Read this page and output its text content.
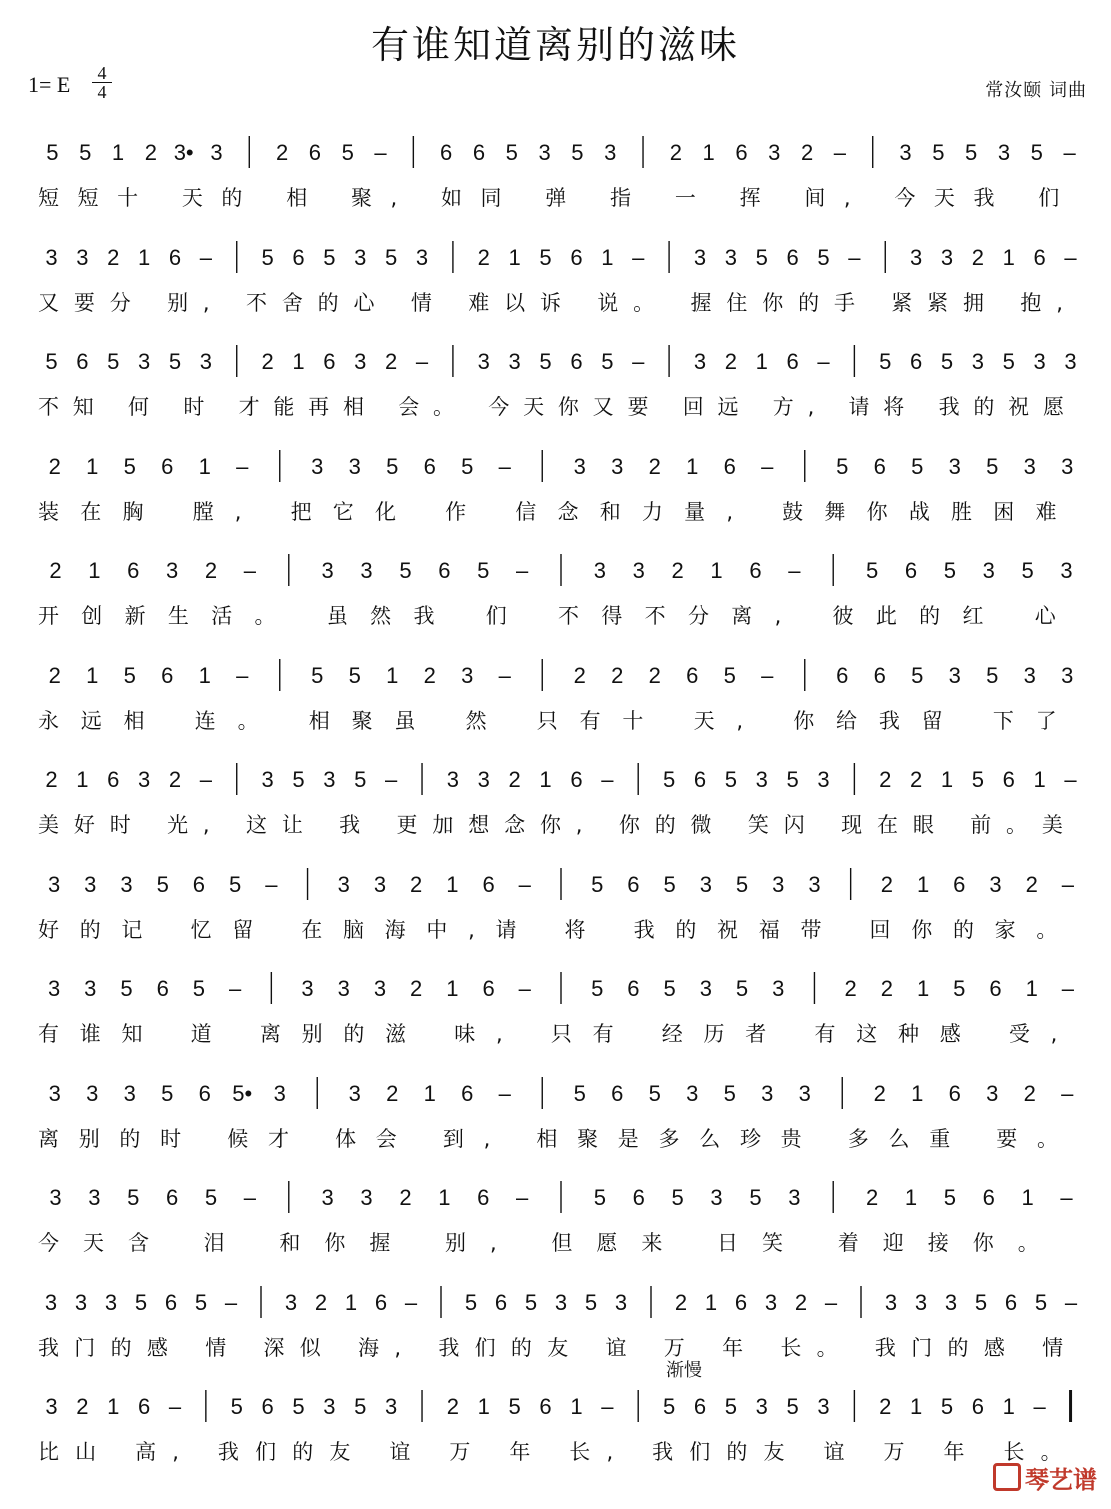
有谁知道离别的滋味
1= E	4
4	常汝颐 词曲
5 5 1 2 3• 3 2 6 5 – 6 6 5 3 5 3 2 1 6 3 2 – 3 5 5 3 5 –
短短十 天的 相 聚, 如同 弹 指 一 挥 间, 今天我 们
3 3 2 1 6 – 5 6 5 3 5 3 2 1 5 6 1 – 3 3 5 6 5 – 3 3 2 1 6 –
又要分 别, 不舍的心 情 难以诉 说。 握住你的手 紧紧拥 抱,
5 6 5 3 5 3 2 1 6 3 2 – 3 3 5 6 5 – 3 2 1 6 – 5 6 5 3 5 3 3
不知 何 时 才能再相 会。 今天你又要 回远 方, 请将 我的祝愿
2 1 5 6 1 –	3 3 5 6 5 –	3 3 2 1 6 –	5 6 5 3 5 3 3
装在胸 膛, 把它化 作 信念和力量, 鼓舞你战胜困难
2 1 6 3 2 –	3 3 5 6 5 –	3 3 2 1 6 –	5 6 5 3 5 3
开创新生活。 虽然我 们 不得不分离, 彼此的红 心
2 1 5 6 1 –	5 5 1 2 3 –	2 2 2 6 5 –	6 6 5 3 5 3 3
永远相 连。 相聚虽 然 只有十 天, 你给我留 下了
2 1 6 3 2 – 3 5 3 5 – 3 3 2 1 6 – 5 6 5 3 5 3 2 2 1 5 6 1 –
美好时 光, 这让 我 更加想念你, 你的微 笑闪 现在眼 前。美
3 3 3 5 6 5 –	3 3 2 1 6 –	5 6 5 3 5 3 3	2 1 6 3 2 –
好的记 忆留 在脑海中,请 将 我的祝福带 回你的家。
3 3 5 6 5 –	3 3 3 2 1 6 –	5 6 5 3 5 3	2 2 1 5 6 1 –
有谁知 道 离别的滋 味, 只有 经历者 有这种感 受,
3 3 3 5 6 5• 3	3 2 1 6 –	5 6 5 3 5 3 3	2 1 6 3 2 –
离别的时 候才 体会 到, 相聚是多么珍贵 多么重 要。
3 3 5 6 5 –	3 3 2 1 6 –	5 6 5 3 5 3	2 1 5 6 1 –
今天含 泪 和你握 别, 但愿来 日笑 着迎接你。
3 3 3 5 6 5 – 3 2 1 6 – 5 6 5 3 5 3 2 1 6 3 2 – 3 3 3 5 6 5 –
我门的感 情 深似 海, 我们的友 谊 万 年 长。 我门的感 情
3 2 1 6 – 5 6 5 3 5 3 2 1 5 6 1 – 5 6 5 3 5 3 2 1 5 6 1 –
比山 高, 我们的友 谊 万 年 长, 我们的友 谊 万 年 长。
渐慢
琴艺谱
